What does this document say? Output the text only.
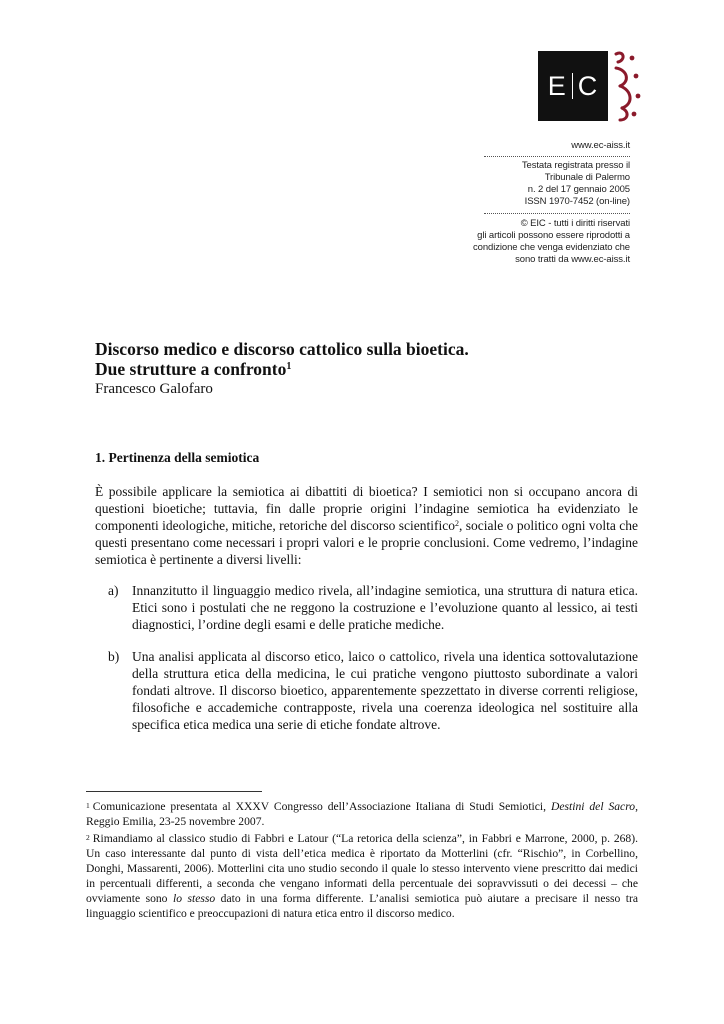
E C
www.ec-aiss.it
Testata registrata presso il
Tribunale di Palermo
n. 2 del 17 gennaio 2005
ISSN 1970-7452 (on-line)
© EIC - tutti i diritti riservati
gli articoli possono essere riprodotti a
condizione che venga evidenziato che
sono tratti da www.ec-aiss.it
Discorso medico e discorso cattolico sulla bioetica.
Due strutture a confronto$^1$
Francesco Galofaro
1. Pertinenza della semiotica
È possibile applicare la semiotica ai dibattiti di bioetica? I semiotici non si occupano ancora di questioni bioetiche; tuttavia, fin dalle proprie origini l’indagine semiotica ha evidenziato le componenti ideologiche, mitiche, retoriche del discorso scientifico$^2$, sociale o politico ogni volta che questi presentano come necessari i propri valori e le proprie conclusioni. Come vedremo, l’indagine semiotica è pertinente a diversi livelli:
a) Innanzitutto il linguaggio medico rivela, all’indagine semiotica, una struttura di natura etica. Etici sono i postulati che ne reggono la costruzione e l’evoluzione quanto al lessico, ai testi diagnostici, l’ordine degli esami e delle pratiche mediche.
b) Una analisi applicata al discorso etico, laico o cattolico, rivela una identica sottovalutazione della struttura etica della medicina, le cui pratiche vengono piuttosto subordinate a valori fondati altrove. Il discorso bioetico, apparentemente spezzettato in diverse correnti religiose, filosofiche e accademiche contrapposte, rivela una coerenza ideologica nel sostituire alla specifica etica medica una serie di etiche fondate altrove.
$^1$ Comunicazione presentata al XXXV Congresso dell’Associazione Italiana di Studi Semiotici, Destini del Sacro, Reggio Emilia, 23-25 novembre 2007.
$^2$ Rimandiamo al classico studio di Fabbri e Latour (“La retorica della scienza”, in Fabbri e Marrone, 2000, p. 268). Un caso interessante dal punto di vista dell’etica medica è riportato da Motterlini (cfr. “Rischio”, in Corbellino, Donghi, Massarenti, 2006). Motterlini cita uno studio secondo il quale lo stesso intervento viene prescritto dai medici in percentuali differenti, a seconda che vengano informati della percentuale dei sopravvissuti o dei decessi – che ovviamente sono lo stesso dato in una forma differente. L’analisi semiotica può aiutare a precisare il nesso tra linguaggio scientifico e preoccupazioni di natura etica entro il discorso medico.
